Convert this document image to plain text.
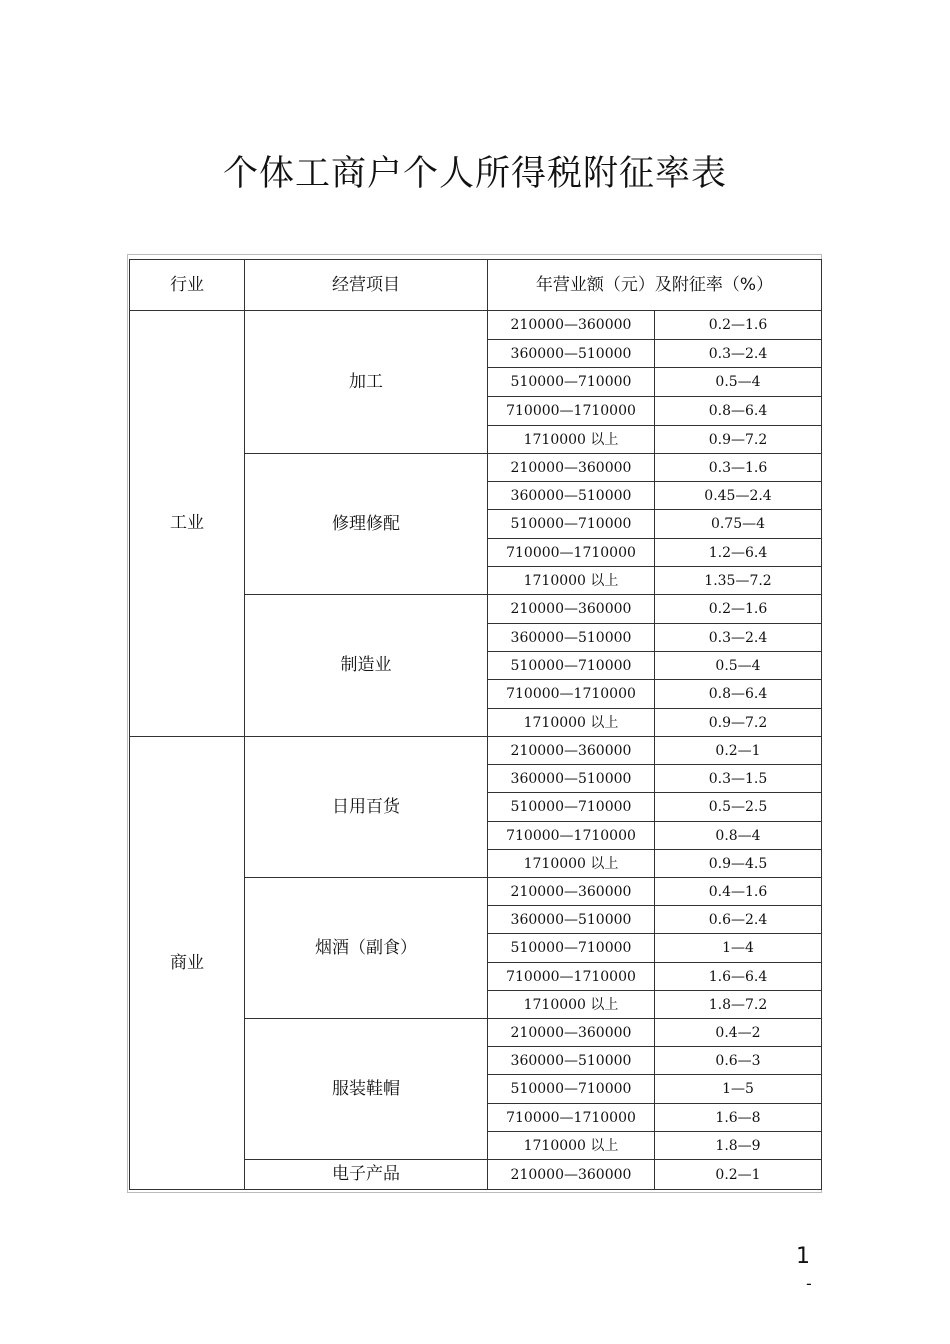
个体工商户个人所得税附征率表
行业	经营项目	年营业额（元）及附征率（%）	
工业	加工	210000—360000	0.2—1.6
		360000—510000	0.3—2.4
		510000—710000	0.5—4
		710000—1710000	0.8—6.4
		1710000 以上	0.9—7.2
	修理修配	210000—360000	0.3—1.6
		360000—510000	0.45—2.4
		510000—710000	0.75—4
		710000—1710000	1.2—6.4
		1710000 以上	1.35—7.2
	制造业	210000—360000	0.2—1.6
		360000—510000	0.3—2.4
		510000—710000	0.5—4
		710000—1710000	0.8—6.4
		1710000 以上	0.9—7.2
商业	日用百货	210000—360000	0.2—1
		360000—510000	0.3—1.5
		510000—710000	0.5—2.5
		710000—1710000	0.8—4
		1710000 以上	0.9—4.5
	烟酒（副食）	210000—360000	0.4—1.6
		360000—510000	0.6—2.4
		510000—710000	1—4
		710000—1710000	1.6—6.4
		1710000 以上	1.8—7.2
	服装鞋帽	210000—360000	0.4—2
		360000—510000	0.6—3
		510000—710000	1—5
		710000—1710000	1.6—8
		1710000 以上	1.8—9
	电子产品	210000—360000	0.2—1
1
-
